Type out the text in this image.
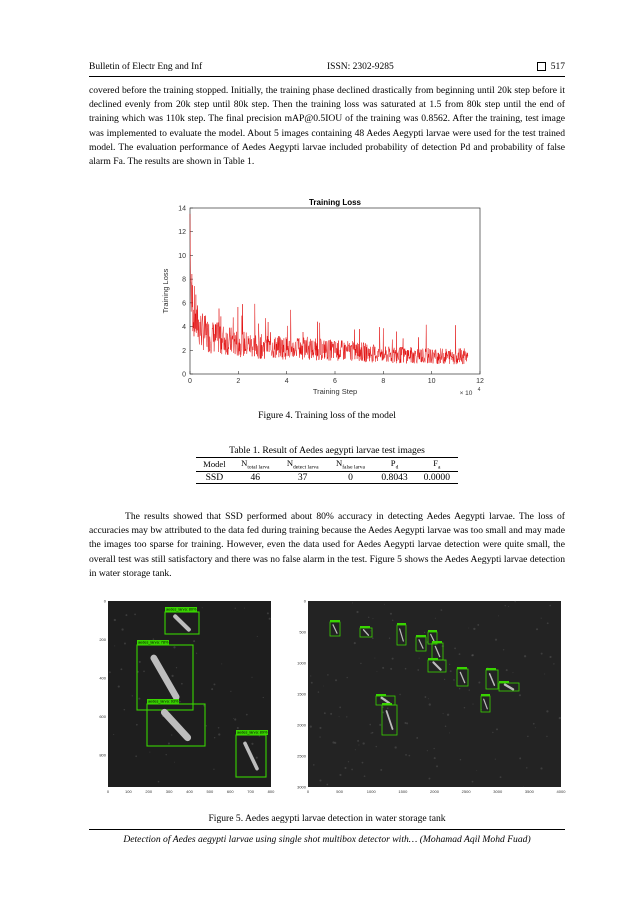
Bulletin of Electr Eng and Inf	ISSN: 2302-9285	517
covered before the training stopped. Initially, the training phase declined drastically from beginning until 20k step before it declined evenly from 20k step until 80k step. Then the training loss was saturated at 1.5 from 80k step until the end of training which was 110k step. The final precision mAP@0.5IOU of the training was 0.8562. After the training, test image was implemented to evaluate the model. About 5 images containing 48 Aedes Aegypti larvae were used for the test trained model. The evaluation performance of Aedes Aegypti larvae included probability of detection Pd and probability of false alarm Fa. The results are shown in Table 1.
Training Loss
0	2	4	6	8	10	12
0
2
4
6
8
10
12
14
Training Step
Training Loss
× 10 4
Figure 4. Training loss of the model
Table 1. Result of Aedes aegypti larvae test images
Model	$N_{total larva}$	$N_{detect larva}$	$N_{false larva}$	$P_d$	$F_a$
SSD	46	37	0	0.8043	0.0000
The results showed that SSD performed about 80% accuracy in detecting Aedes Aegypti larvae. The loss of accuracies may bw attributed to the data fed during training because the Aedes Aegypti larvae was too small and may made the images too sparse for training. However, even the data used for Aedes Aegypti larvae detection were quite small, the overall test was still satisfactory and there was no false alarm in the test. Figure 5 shows the Aedes Aegypti larvae detection in water storage tank.
0	100	200	300	400	500	600	700	800
0
200
400
600
800
aedes_larva: 80%
aedes_larva: 78%
aedes_larva: 93%
aedes_larva: 89%
0	500	1000	1500	2000	2500	3000	3500	4000
0
500
1000
1500
2000
2500
3000
Figure 5. Aedes aegypti larvae detection in water storage tank
Detection of Aedes aegypti larvae using single shot multibox detector with… (Mohamad Aqil Mohd Fuad)
